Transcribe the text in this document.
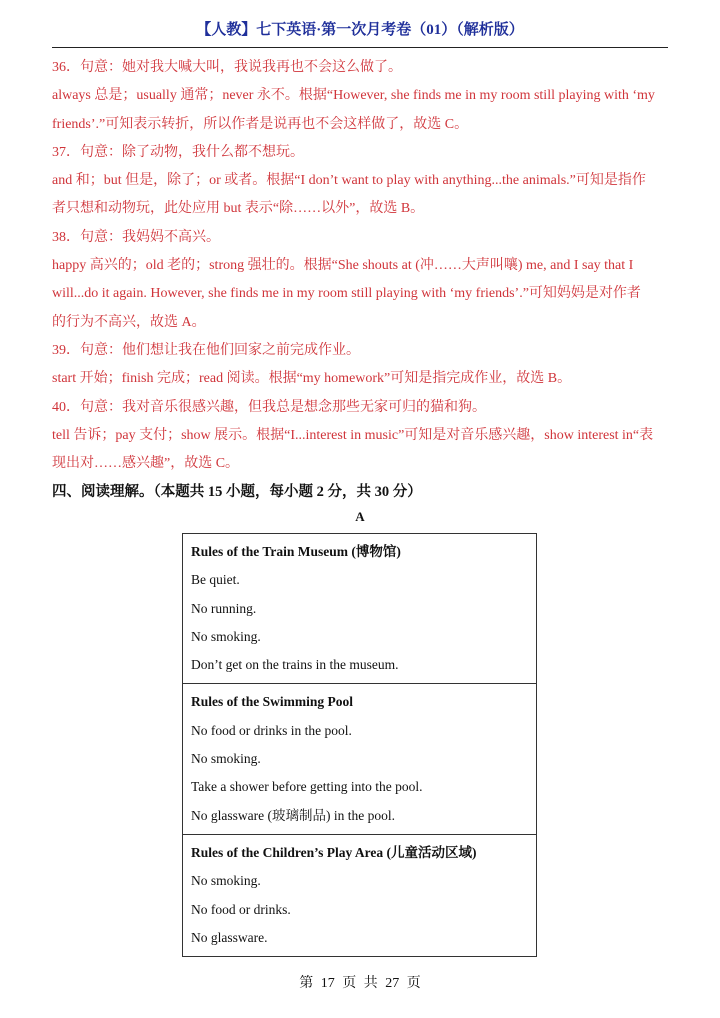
【人教】七下英语·第一次月考卷（01）（解析版）
36．句意：她对我大喊大叫，我说我再也不会这么做了。
always 总是；usually 通常；never 永不。根据“However, she finds me in my room still playing with ‘my
friends’.”可知表示转折，所以作者是说再也不会这样做了，故选 C。
37．句意：除了动物，我什么都不想玩。
and 和；but 但是，除了；or 或者。根据“I don’t want to play with anything...the animals.”可知是指作
者只想和动物玩，此处应用 but 表示“除……以外”，故选 B。
38．句意：我妈妈不高兴。
happy 高兴的；old 老的；strong 强壮的。根据“She shouts at (冲……大声叫嚷) me, and I say that I
will...do it again. However, she finds me in my room still playing with ‘my friends’.”可知妈妈是对作者
的行为不高兴，故选 A。
39．句意：他们想让我在他们回家之前完成作业。
start 开始；finish 完成；read 阅读。根据“my homework”可知是指完成作业，故选 B。
40．句意：我对音乐很感兴趣，但我总是想念那些无家可归的猫和狗。
tell 告诉；pay 支付；show 展示。根据“I...interest in music”可知是对音乐感兴趣，show interest in“表
现出对……感兴趣”，故选 C。
四、阅读理解。（本题共 15 小题，每小题 2 分，共 30 分）
A
Rules of the Train Museum (博物馆)
Be quiet.
No running.
No smoking.
Don’t get on the trains in the museum.
Rules of the Swimming Pool
No food or drinks in the pool.
No smoking.
Take a shower before getting into the pool.
No glassware (玻璃制品) in the pool.
Rules of the Children’s Play Area (儿童活动区域)
No smoking.
No food or drinks.
No glassware.
第 17 页 共 27 页
